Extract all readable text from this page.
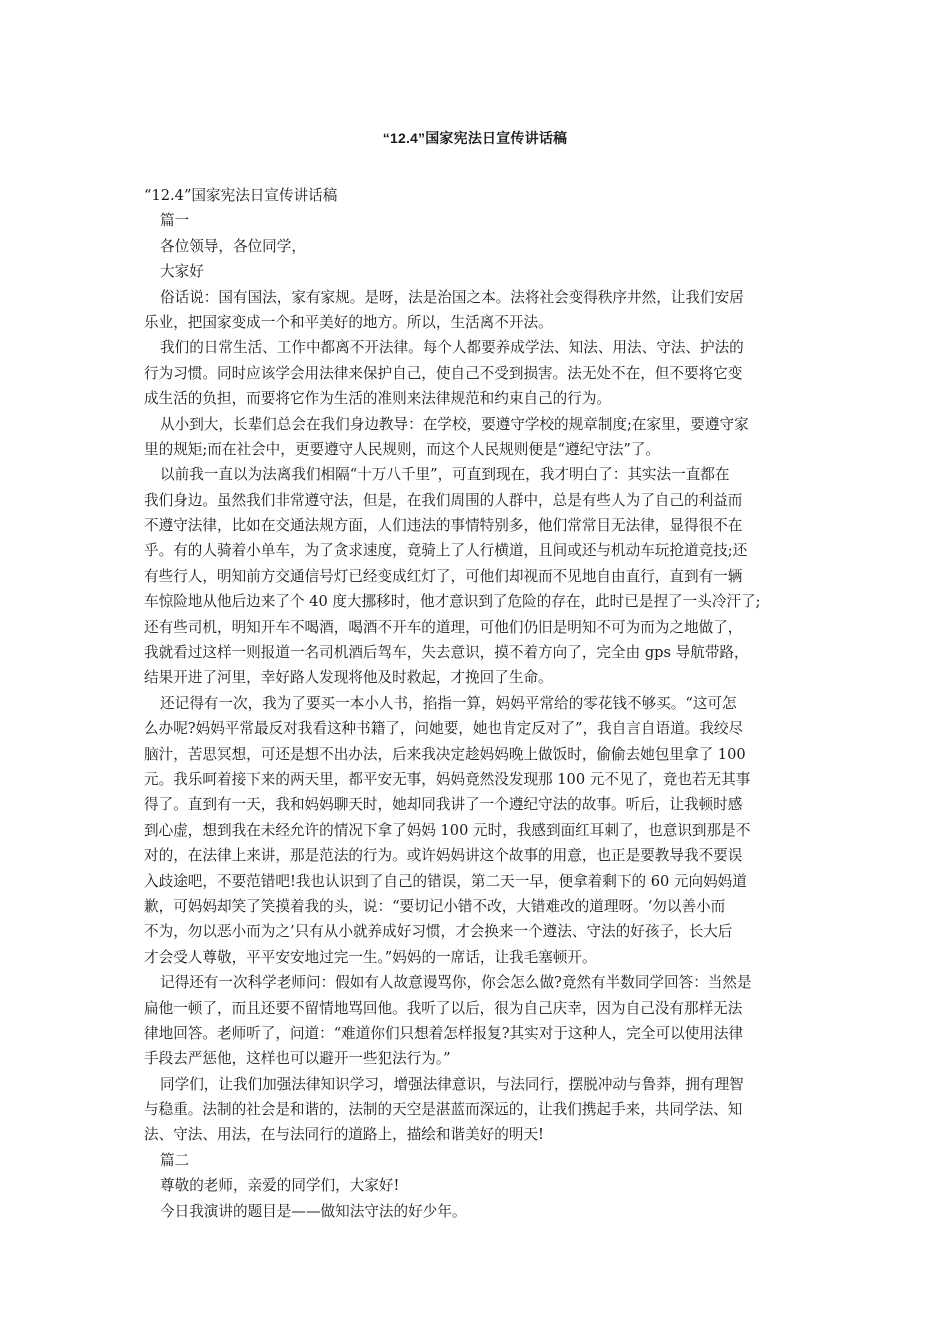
“12.4”国家宪法日宣传讲话稿
“12.4”国家宪法日宣传讲话稿
篇一
各位领导，各位同学，
大家好
俗话说：国有国法，家有家规。是呀，法是治国之本。法将社会变得秩序井然，让我们安居
乐业，把国家变成一个和平美好的地方。所以，生活离不开法。
我们的日常生活、工作中都离不开法律。每个人都要养成学法、知法、用法、守法、护法的
行为习惯。同时应该学会用法律来保护自己，使自己不受到损害。法无处不在，但不要将它变
成生活的负担，而要将它作为生活的准则来法律规范和约束自己的行为。
从小到大，长辈们总会在我们身边教导：在学校，要遵守学校的规章制度;在家里，要遵守家
里的规矩;而在社会中，更要遵守人民规则，而这个人民规则便是“遵纪守法”了。
以前我一直以为法离我们相隔“十万八千里”，可直到现在，我才明白了：其实法一直都在
我们身边。虽然我们非常遵守法，但是，在我们周围的人群中，总是有些人为了自己的利益而
不遵守法律，比如在交通法规方面，人们违法的事情特别多，他们常常目无法律，显得很不在
乎。有的人骑着小单车，为了贪求速度，竟骑上了人行横道，且间或还与机动车玩抢道竞技;还
有些行人，明知前方交通信号灯已经变成红灯了，可他们却视而不见地自由直行，直到有一辆
车惊险地从他后边来了个 40 度大挪移时，他才意识到了危险的存在，此时已是捏了一头冷汗了;
还有些司机，明知开车不喝酒，喝酒不开车的道理，可他们仍旧是明知不可为而为之地做了，
我就看过这样一则报道一名司机酒后驾车，失去意识，摸不着方向了，完全由 gps 导航带路，
结果开进了河里，幸好路人发现将他及时救起，才挽回了生命。
还记得有一次，我为了要买一本小人书，掐指一算，妈妈平常给的零花钱不够买。“这可怎
么办呢?妈妈平常最反对我看这种书籍了，问她要，她也肯定反对了”，我自言自语道。我绞尽
脑汁，苦思冥想，可还是想不出办法，后来我决定趁妈妈晚上做饭时，偷偷去她包里拿了 100
元。我乐呵着接下来的两天里，都平安无事，妈妈竟然没发现那 100 元不见了，竟也若无其事
得了。直到有一天，我和妈妈聊天时，她却同我讲了一个遵纪守法的故事。听后，让我顿时感
到心虚，想到我在未经允许的情况下拿了妈妈 100 元时，我感到面红耳刺了，也意识到那是不
对的，在法律上来讲，那是范法的行为。或许妈妈讲这个故事的用意，也正是要教导我不要误
入歧途吧，不要范错吧!我也认识到了自己的错误，第二天一早，便拿着剩下的 60 元向妈妈道
歉，可妈妈却笑了笑摸着我的头，说：“要切记小错不改，大错难改的道理呀。‘勿以善小而
不为，勿以恶小而为之’只有从小就养成好习惯，才会换来一个遵法、守法的好孩子，长大后
才会受人尊敬，平平安安地过完一生。”妈妈的一席话，让我毛塞顿开。
记得还有一次科学老师问：假如有人故意谩骂你，你会怎么做?竟然有半数同学回答：当然是
扁他一顿了，而且还要不留情地骂回他。我听了以后，很为自己庆幸，因为自己没有那样无法
律地回答。老师听了，问道：“难道你们只想着怎样报复?其实对于这种人，完全可以使用法律
手段去严惩他，这样也可以避开一些犯法行为。”
同学们，让我们加强法律知识学习，增强法律意识，与法同行，摆脱冲动与鲁莽，拥有理智
与稳重。法制的社会是和谐的，法制的天空是湛蓝而深远的，让我们携起手来，共同学法、知
法、守法、用法，在与法同行的道路上，描绘和谐美好的明天!
篇二
尊敬的老师，亲爱的同学们，大家好!
今日我演讲的题目是——做知法守法的好少年。
